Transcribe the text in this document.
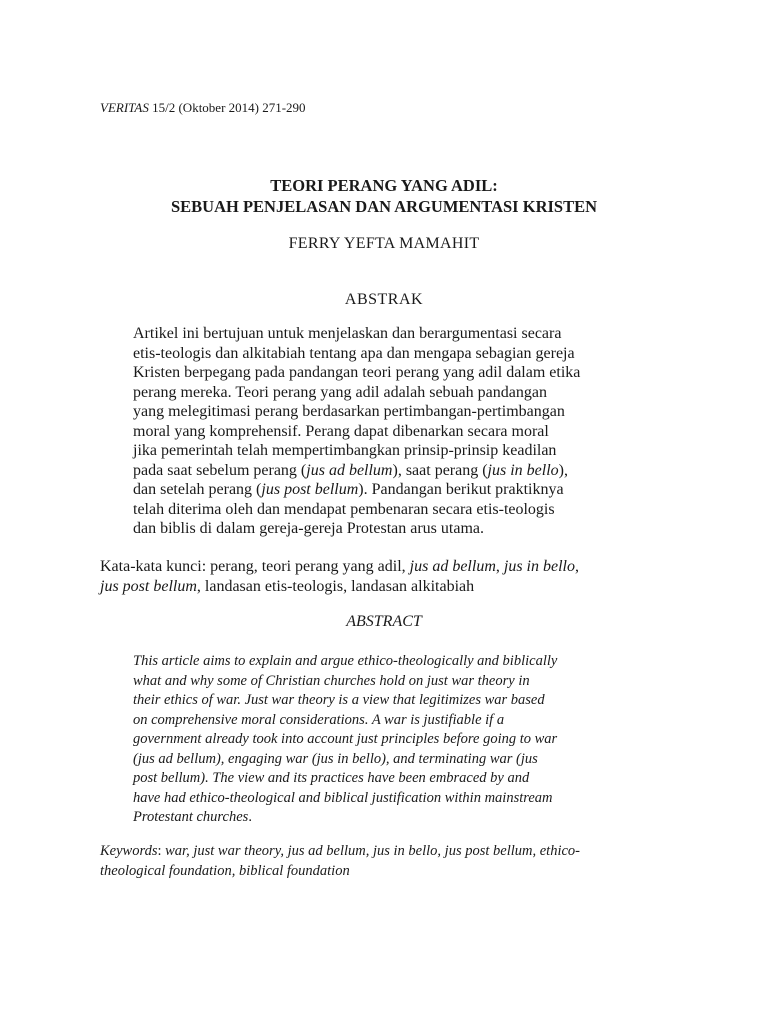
VERITAS 15/2 (Oktober 2014) 271-290
TEORI PERANG YANG ADIL:
SEBUAH PENJELASAN DAN ARGUMENTASI KRISTEN
FERRY YEFTA MAMAHIT
ABSTRAK
Artikel ini bertujuan untuk menjelaskan dan berargumentasi secara
etis-teologis dan alkitabiah tentang apa dan mengapa sebagian gereja
Kristen berpegang pada pandangan teori perang yang adil dalam etika
perang mereka. Teori perang yang adil adalah sebuah pandangan
yang melegitimasi perang berdasarkan pertimbangan-pertimbangan
moral yang komprehensif. Perang dapat dibenarkan secara moral
jika pemerintah telah mempertimbangkan prinsip-prinsip keadilan
pada saat sebelum perang (jus ad bellum), saat perang (jus in bello),
dan setelah perang (jus post bellum). Pandangan berikut praktiknya
telah diterima oleh dan mendapat pembenaran secara etis-teologis
dan biblis di dalam gereja-gereja Protestan arus utama.
Kata-kata kunci: perang, teori perang yang adil, jus ad bellum, jus in bello,
jus post bellum, landasan etis-teologis, landasan alkitabiah
ABSTRACT
This article aims to explain and argue ethico-theologically and biblically
what and why some of Christian churches hold on just war theory in
their ethics of war. Just war theory is a view that legitimizes war based
on comprehensive moral considerations. A war is justifiable if a
government already took into account just principles before going to war
(jus ad bellum), engaging war (jus in bello), and terminating war (jus
post bellum). The view and its practices have been embraced by and
have had ethico-theological and biblical justification within mainstream
Protestant churches.
Keywords: war, just war theory, jus ad bellum, jus in bello, jus post bellum, ethico-
theological foundation, biblical foundation
